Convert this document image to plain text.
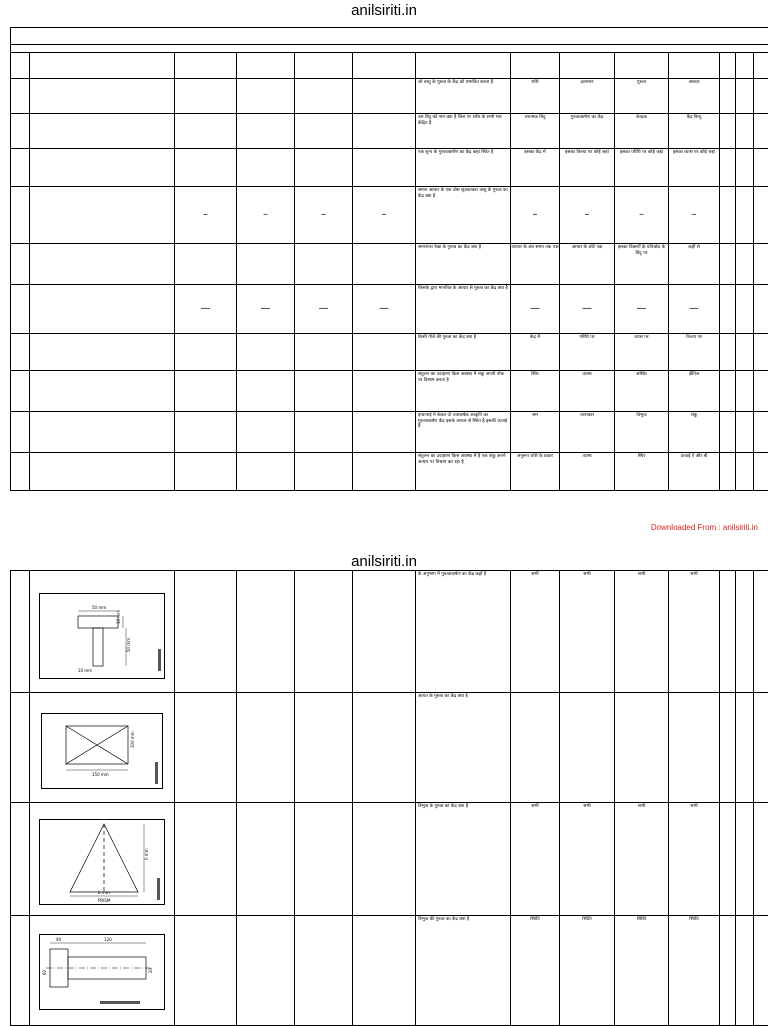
anilsiriti.in

						जो वस्तु के गुरुत्व के केंद्र को प्रभावित करता है	राशि	द्रव्यमान	गुरुत्व	आकार			
						उस बिंदु को नाम क्या है जिस पर शरीर के सभी भार केंद्रित है	चरात्मक बिंदु	गुरुत्वाकर्षण का केंद्र	केन्द्रक	केंद्र बिन्दु			
						एक शून्य के गुरुत्वाकर्षण का केंद्र कहा स्थित है	इसका केंद्र में	इसका त्रिज्या पर कोई जहां	इसका परिधि पर कोई जहां	इसका व्यास पर कोई जहां			

		–	–	–	–	समान आधार के एक ठोस सूचकाकार वस्तु के गुरुत्व का केंद्र क्या है	–	–	–	–			

						समानांतर रेखा के गुरुत्व का केंद्र क्या है	आधार के अंत समय तक पक्ष	आधार के छोटे पक्ष	इसका विकर्णों के प्रतिच्छेद के बिंदु पर	कहीं से			

		—	—	—	—	जिसके द्वारा मानचित्र के आधार से गुरुत्व का केंद्र क्या है	—	—	—	—			

						किसी गोले की गुरुत्व का केंद्र क्या है	केंद्र में	परिधि पर	व्यास पर	त्रिज्या पर			
						संतुलन का उदाहरण किस अवस्था में शंकु अपनी नोक पर विश्राम करता है	स्थिर	तटस्थ	अस्थिर	क्षैतिज			
						हाथापाई में केवल दो उत्ताकर्षक आकृति का गुरुत्वाकर्षण केंद्र इसके आधार से स्थित है इसकी ऊंचाई है	सम	चापाकार	त्रिभुज	शंकु			
						संतुलन का उदाहरण किस अवस्था में है एक शंकु अपने आधार पर विश्राम कर रहा है	अनुरूप राशि के प्रकार	तटस्थ	स्थिर	ऊंचाई ऐ और बी			
Downloaded From : anilsiriti.in
anilsiriti.in

50 mm
10 mm
50 mm
10 mm					के अनुभाग में गुरुत्वाकर्षण का केंद्र कहाँ है	सभी	सभी	सभी	सभी			

150 mm
100 mm					आयत के गुरुत्व का केंद्र क्या है							

h mm
b mm
PRISM					त्रिभुज के गुरुत्व का केंद्र क्या है	सभी	सभी	सभी	सभी			

40 120
60 20					त्रिभुज की गुरुत्व का केंद्र क्या है	स्थिति	स्थिति	स्थिति	स्थिति			
